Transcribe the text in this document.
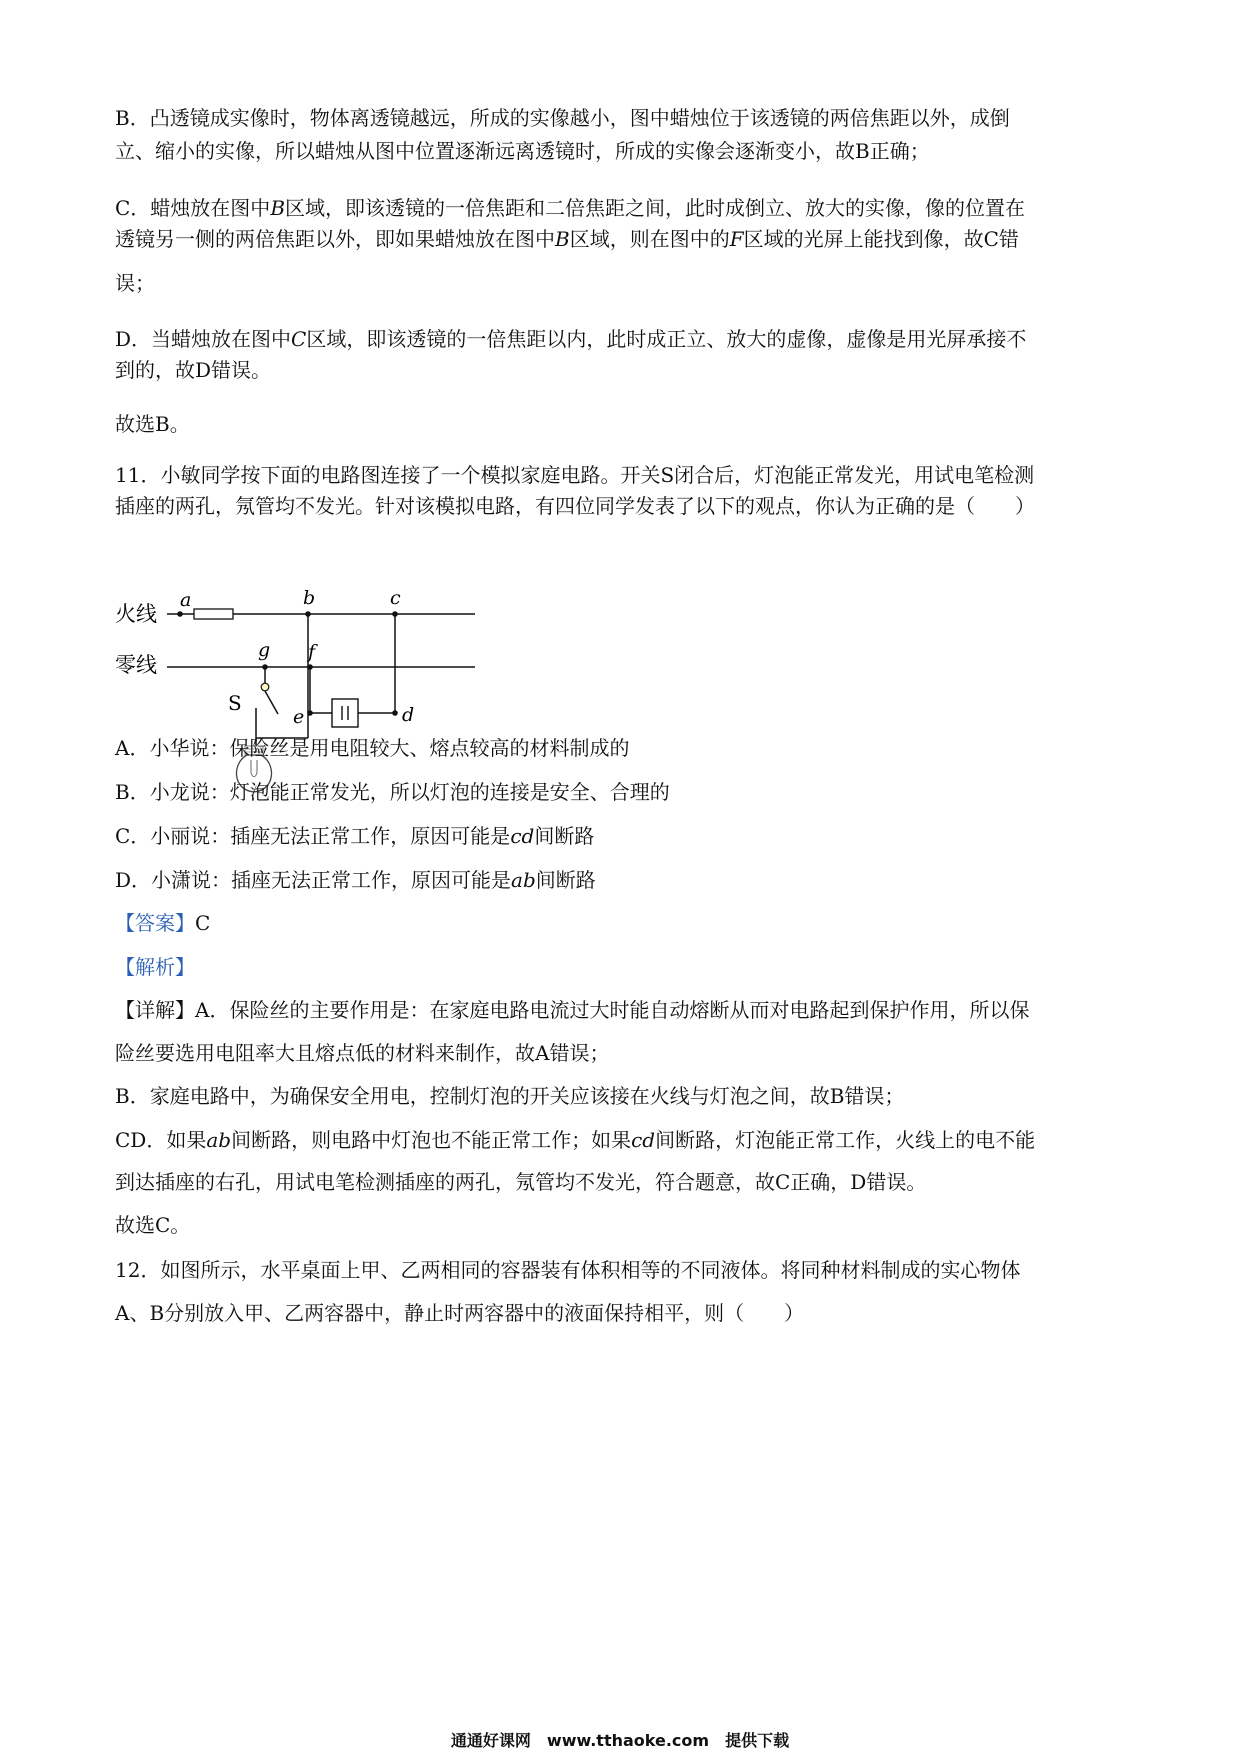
B．凸透镜成实像时，物体离透镜越远，所成的实像越小，图中蜡烛位于该透镜的两倍焦距以外，成倒
立、缩小的实像，所以蜡烛从图中位置逐渐远离透镜时，所成的实像会逐渐变小，故B正确；
C．蜡烛放在图中B区域，即该透镜的一倍焦距和二倍焦距之间，此时成倒立、放大的实像，像的位置在
透镜另一侧的两倍焦距以外，即如果蜡烛放在图中B区域，则在图中的F区域的光屏上能找到像，故C错
误；
D．当蜡烛放在图中C区域，即该透镜的一倍焦距以内，此时成正立、放大的虚像，虚像是用光屏承接不
到的，故D错误。
故选B。
11．小敏同学按下面的电路图连接了一个模拟家庭电路。开关S闭合后，灯泡能正常发光，用试电笔检测
插座的两孔，氖管均不发光。针对该模拟电路，有四位同学发表了以下的观点，你认为正确的是（　　）
火线
零线
a	b	c
g
S
f
e	d
A．小华说：保险丝是用电阻较大、熔点较高的材料制成的
B．小龙说：灯泡能正常发光，所以灯泡的连接是安全、合理的
C．小丽说：插座无法正常工作，原因可能是cd间断路
D．小潇说：插座无法正常工作，原因可能是ab间断路
【答案】C
【解析】
【详解】A．保险丝的主要作用是：在家庭电路电流过大时能自动熔断从而对电路起到保护作用，所以保
险丝要选用电阻率大且熔点低的材料来制作，故A错误；
B．家庭电路中，为确保安全用电，控制灯泡的开关应该接在火线与灯泡之间，故B错误；
CD．如果ab间断路，则电路中灯泡也不能正常工作；如果cd间断路，灯泡能正常工作，火线上的电不能
到达插座的右孔，用试电笔检测插座的两孔，氖管均不发光，符合题意，故C正确，D错误。
故选C。
12．如图所示，水平桌面上甲、乙两相同的容器装有体积相等的不同液体。将同种材料制成的实心物体
A、B分别放入甲、乙两容器中，静止时两容器中的液面保持相平，则（　　）
通通好课网　www.tthaoke.com　提供下载
